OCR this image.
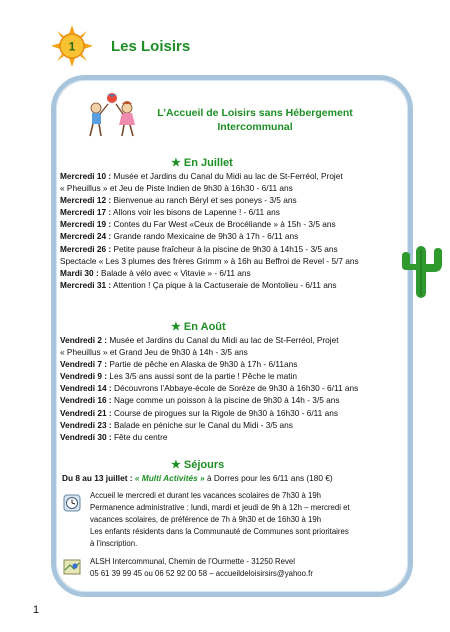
1 Les Loisirs
L’Accueil de Loisirs sans Hébergement
Intercommunal
★ En Juillet
Mercredi 10 : Musée et Jardins du Canal du Midi au lac de St-Ferréol, Projet
« Pheuillus » et Jeu de Piste Indien de 9h30 à 16h30 - 6/11 ans
Mercredi 12 : Bienvenue au ranch Béryl et ses poneys - 3/5 ans
Mercredi 17 : Allons voir les bisons de Lapenne ! - 6/11 ans
Mercredi 19 : Contes du Far West «Ceux de Brocéliande » à 15h - 3/5 ans
Mercredi 24 : Grande rando Mexicaine de 9h30 à 17h - 6/11 ans
Mercredi 26 : Petite pause fraîcheur à la piscine de 9h30 à 14h15 - 3/5 ans
Spectacle « Les 3 plumes des frères Grimm » à 16h au Beffroi de Revel - 5/7 ans
Mardi 30 : Balade à vélo avec « Vitavie » - 6/11 ans
Mercredi 31 : Attention ! Ça pique à la Cactuseraie de Montolieu - 6/11 ans
★ En Août
Vendredi 2 : Musée et Jardins du Canal du Midi au lac de St-Ferréol, Projet
« Pheuillus » et Grand Jeu de 9h30 à 14h - 3/5 ans
Vendredi 7 : Partie de pêche en Alaska de 9h30 à 17h - 6/11ans
Vendredi 9 : Les 3/5 ans aussi sont de la partie ! Pêche le matin
Vendredi 14 : Découvrons l’Abbaye-école de Sorèze de 9h30 à 16h30 - 6/11 ans
Vendredi 16 : Nage comme un poisson à la piscine de 9h30 à 14h - 3/5 ans
Vendredi 21 : Course de pirogues sur la Rigole de 9h30 à 16h30 - 6/11 ans
Vendredi 23 : Balade en péniche sur le Canal du Midi - 3/5 ans
Vendredi 30 : Fête du centre
★ Séjours
Du 8 au 13 juillet : « Multi Activités » à Dorres pour les 6/11 ans (180 €)
Accueil le mercredi et durant les vacances scolaires de 7h30 à 19h
Permanence administrative : lundi, mardi et jeudi de 9h à 12h – mercredi et
vacances scolaires, de préférence de 7h à 9h30 et de 16h30 à 19h
Les enfants résidents dans la Communauté de Communes sont prioritaires
à l’inscription.
ALSH Intercommunal, Chemin de l’Ourmette - 31250 Revel
05 61 39 99 45 ou 06 52 92 00 58 – accueildeloisirsirs@yahoo.fr
1
